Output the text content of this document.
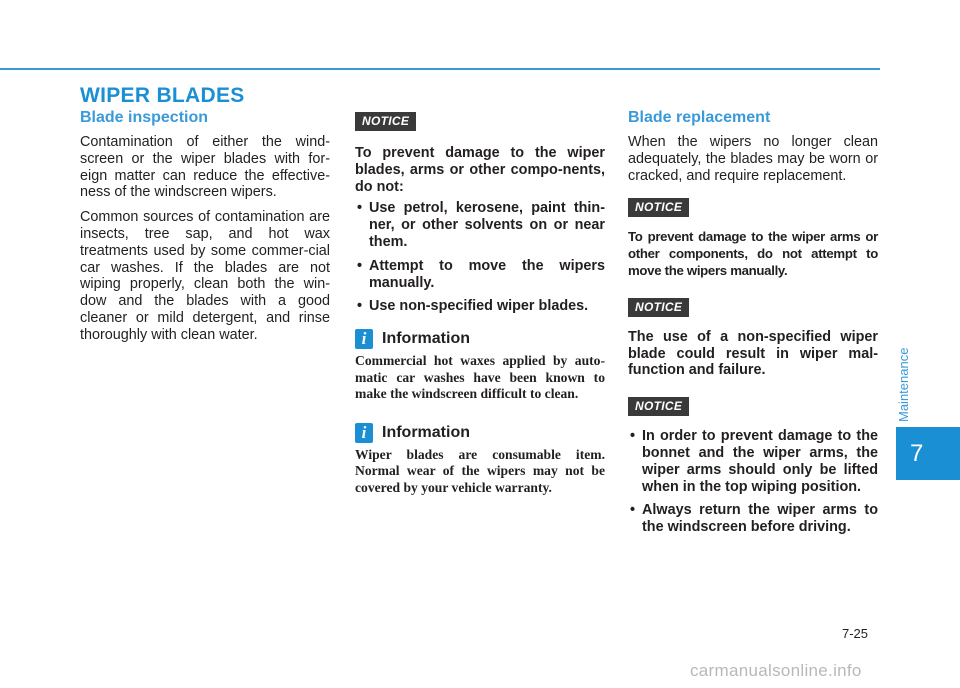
WIPER BLADES

Blade inspection

Contamination of either the wind-screen or the wiper blades with for-eign matter can reduce the effective-ness of the windscreen wipers.

Common sources of contamination are insects, tree sap, and hot wax treatments used by some commer-cial car washes. If the blades are not wiping properly, clean both the win-dow and the blades with a good cleaner or mild detergent, and rinse thoroughly with clean water.

NOTICE

To prevent damage to the wiper blades, arms or other compo-nents, do not:

• Use petrol, kerosene, paint thin-ner, or other solvents on or near them.
• Attempt to move the wipers manually.
• Use non-specified wiper blades.
i Information

Commercial hot waxes applied by auto-matic car washes have been known to make the windscreen difficult to clean.

i Information

Wiper blades are consumable item. Normal wear of the wipers may not be covered by your vehicle warranty.

Blade replacement

When the wipers no longer clean adequately, the blades may be worn or cracked, and require replacement.

NOTICE

To prevent damage to the wiper arms or other components, do not attempt to move the wipers manually.

NOTICE

The use of a non-specified wiper blade could result in wiper mal-function and failure.

NOTICE
• In order to prevent damage to the bonnet and the wiper arms, the wiper arms should only be lifted when in the top wiping position.
• Always return the wiper arms to the windscreen before driving.
Maintenance
7
7-25
carmanualsonline.info
